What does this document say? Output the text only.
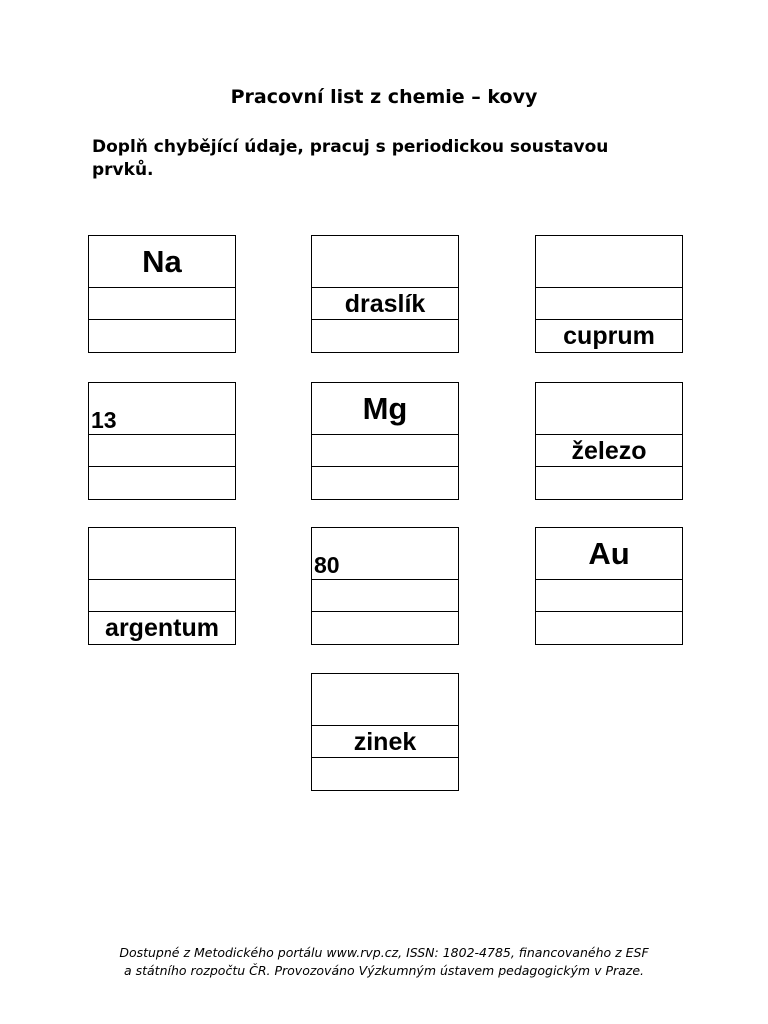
Pracovní list z chemie – kovy
Doplň chybějící údaje, pracuj s periodickou soustavou
prvků.
Na
draslík
cuprum
13	Mg
železo
argentum
80	Au
zinek
Dostupné z Metodického portálu www.rvp.cz, ISSN: 1802-4785, financovaného z ESF
a státního rozpočtu ČR. Provozováno Výzkumným ústavem pedagogickým v Praze.
